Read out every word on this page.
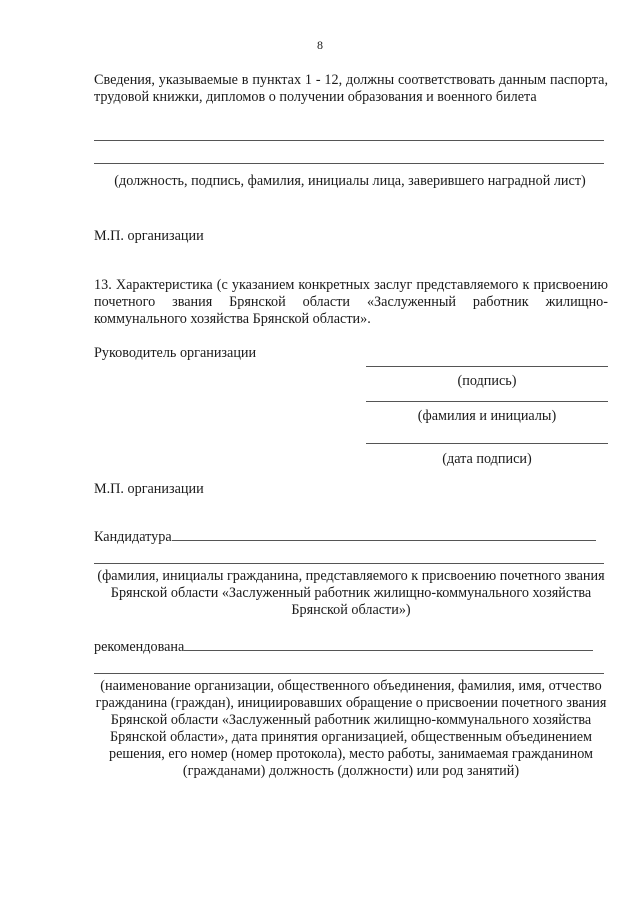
8
Сведения, указываемые в пунктах 1 - 12, должны соответствовать данным паспорта, трудовой книжки, дипломов о получении образования и военного билета
(должность, подпись, фамилия, инициалы лица, заверившего наградной лист)
М.П. организации
13. Характеристика (с указанием конкретных заслуг представляемого к присвоению почетного звания Брянской области «Заслуженный работник жилищно-коммунального хозяйства Брянской области».
Руководитель организации
(подпись)
(фамилия и инициалы)
(дата подписи)
М.П. организации
Кандидатура
(фамилия, инициалы гражданина, представляемого к присвоению почетного звания Брянской области «Заслуженный работник жилищно-коммунального хозяйства Брянской области»)
рекомендована
(наименование организации, общественного объединения, фамилия, имя, отчество гражданина (граждан), инициировавших обращение о присвоении почетного звания Брянской области «Заслуженный работник жилищно-коммунального хозяйства Брянской области», дата принятия организацией, общественным объединением решения, его номер (номер протокола), место работы, занимаемая гражданином (гражданами) должность (должности) или род занятий)
